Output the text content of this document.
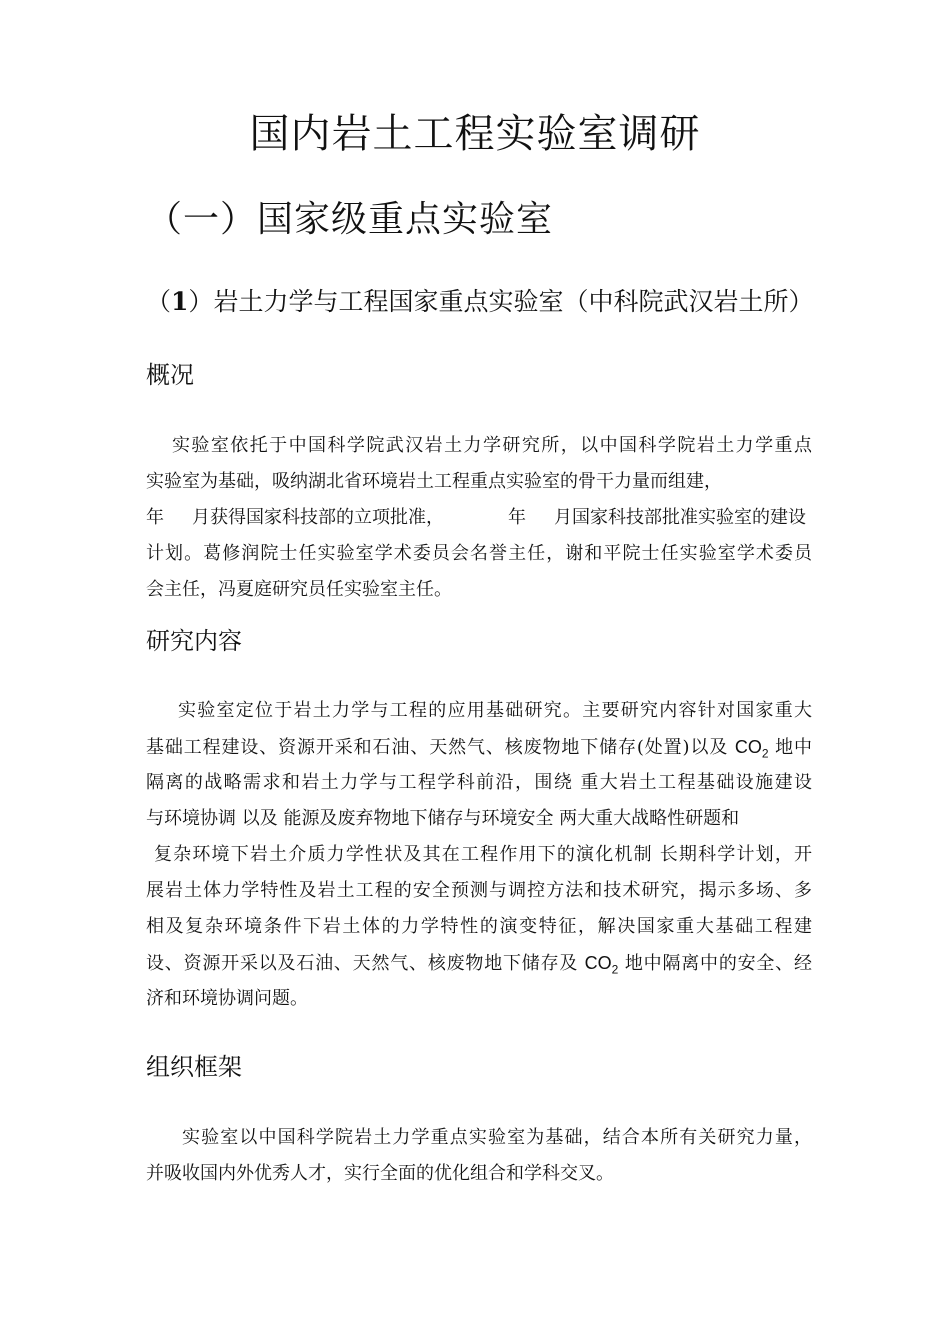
国内岩土工程实验室调研
（一）国家级重点实验室
（1）岩土力学与工程国家重点实验室（中科院武汉岩土所）
概况
实验室依托于中国科学院武汉岩土力学研究所，以中国科学院岩土力学重点
实验室为基础，吸纳湖北省环境岩土工程重点实验室的骨干力量而组建，
年 月获得国家科技部的立项批准，	年 月国家科技部批准实验室的建设
计划。葛修润院士任实验室学术委员会名誉主任，谢和平院士任实验室学术委员
会主任，冯夏庭研究员任实验室主任。
研究内容
实验室定位于岩土力学与工程的应用基础研究。主要研究内容针对国家重大
基础工程建设、资源开采和石油、天然气、核废物地下储存(处置)以及 $CO_2$ 地中
隔离的战略需求和岩土力学与工程学科前沿，围绕 重大岩土工程基础设施建设
与环境协调 以及 能源及废弃物地下储存与环境安全 两大重大战略性研题和
复杂环境下岩土介质力学性状及其在工程作用下的演化机制 长期科学计划，开
展岩土体力学特性及岩土工程的安全预测与调控方法和技术研究，揭示多场、多
相及复杂环境条件下岩土体的力学特性的演变特征，解决国家重大基础工程建
设、资源开采以及石油、天然气、核废物地下储存及 $CO_2$ 地中隔离中的安全、经
济和环境协调问题。
组织框架
实验室以中国科学院岩土力学重点实验室为基础，结合本所有关研究力量，
并吸收国内外优秀人才，实行全面的优化组合和学科交叉。
